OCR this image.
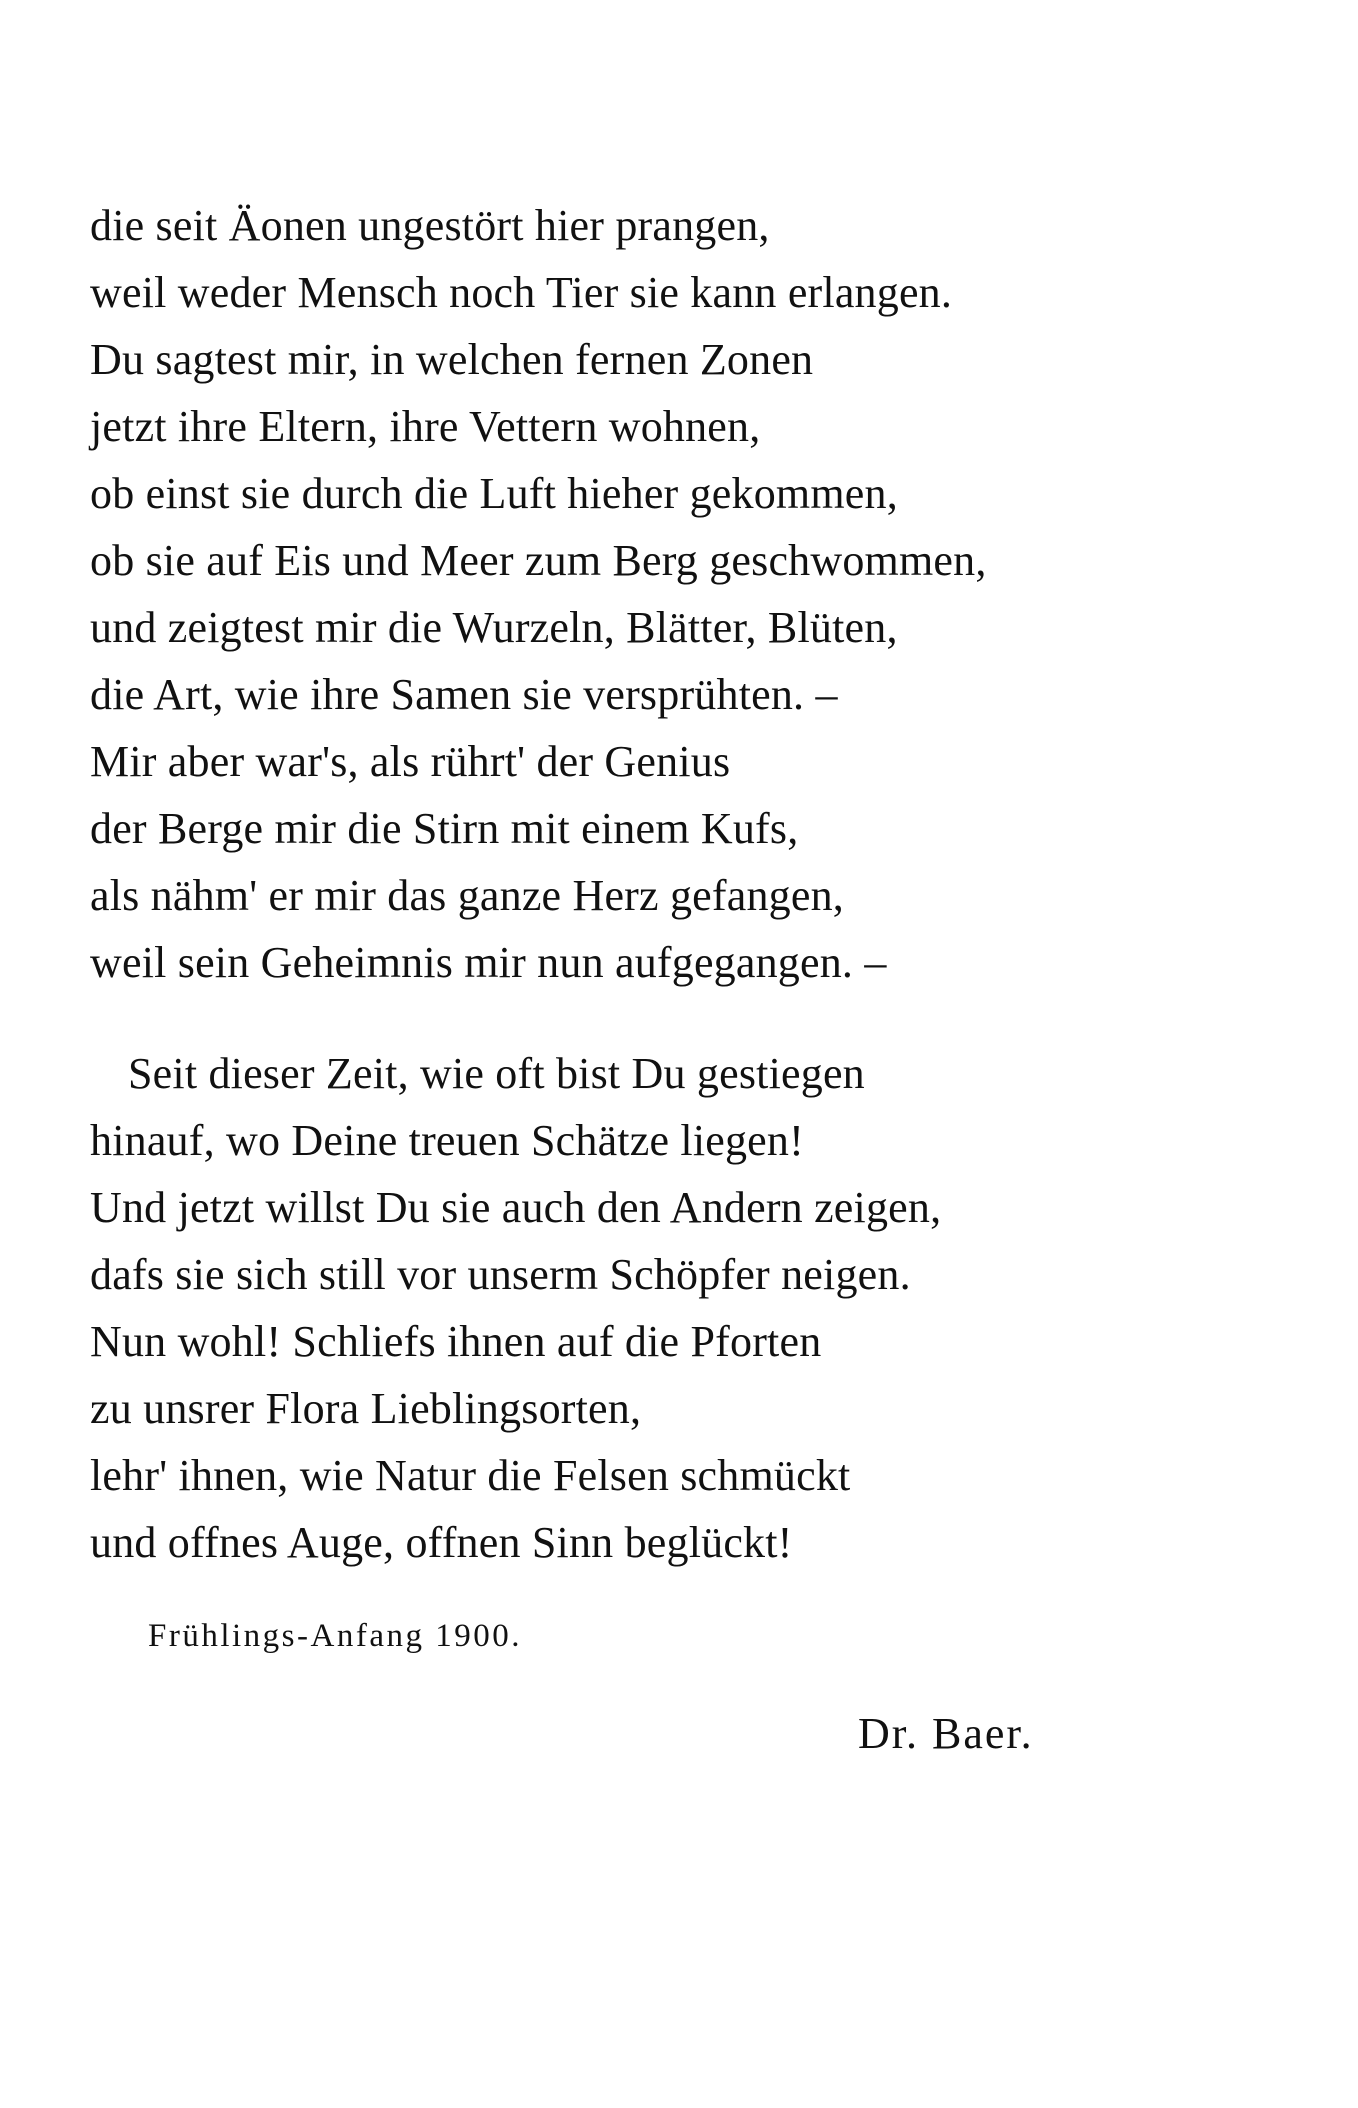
die seit Äonen ungestört hier prangen,
weil weder Mensch noch Tier sie kann erlangen.
Du sagtest mir, in welchen fernen Zonen
jetzt ihre Eltern, ihre Vettern wohnen,
ob einst sie durch die Luft hieher gekommen,
ob sie auf Eis und Meer zum Berg geschwommen,
und zeigtest mir die Wurzeln, Blätter, Blüten,
die Art, wie ihre Samen sie versprühten. –
Mir aber war's, als rührt' der Genius
der Berge mir die Stirn mit einem Kufs,
als nähm' er mir das ganze Herz gefangen,
weil sein Geheimnis mir nun aufgegangen. –
Seit dieser Zeit, wie oft bist Du gestiegen
hinauf, wo Deine treuen Schätze liegen!
Und jetzt willst Du sie auch den Andern zeigen,
dafs sie sich still vor unserm Schöpfer neigen.
Nun wohl! Schliefs ihnen auf die Pforten
zu unsrer Flora Lieblingsorten,
lehr' ihnen, wie Natur die Felsen schmückt
und offnes Auge, offnen Sinn beglückt!
Frühlings-Anfang 1900.
Dr. Baer.
